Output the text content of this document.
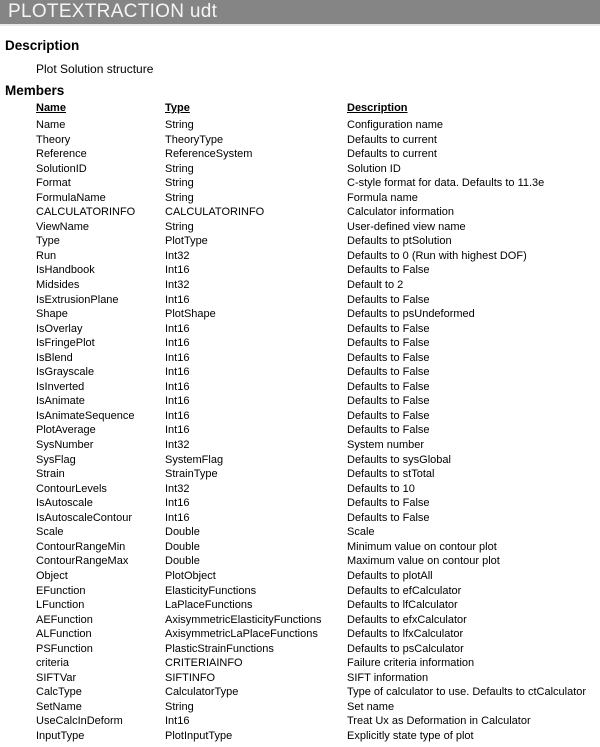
PLOTEXTRACTION udt
Description
Plot Solution structure
Members
Name	Type	Description
Name	String	Configuration name
Theory	TheoryType	Defaults to current
Reference	ReferenceSystem	Defaults to current
SolutionID	String	Solution ID
Format	String	C-style format for data. Defaults to 11.3e
FormulaName	String	Formula name
CALCULATORINFO	CALCULATORINFO	Calculator information
ViewName	String	User-defined view name
Type	PlotType	Defaults to ptSolution
Run	Int32	Defaults to 0 (Run with highest DOF)
IsHandbook	Int16	Defaults to False
Midsides	Int32	Default to 2
IsExtrusionPlane	Int16	Defaults to False
Shape	PlotShape	Defaults to psUndeformed
IsOverlay	Int16	Defaults to False
IsFringePlot	Int16	Defaults to False
IsBlend	Int16	Defaults to False
IsGrayscale	Int16	Defaults to False
IsInverted	Int16	Defaults to False
IsAnimate	Int16	Defaults to False
IsAnimateSequence	Int16	Defaults to False
PlotAverage	Int16	Defaults to False
SysNumber	Int32	System number
SysFlag	SystemFlag	Defaults to sysGlobal
Strain	StrainType	Defaults to stTotal
ContourLevels	Int32	Defaults to 10
IsAutoscale	Int16	Defaults to False
IsAutoscaleContour	Int16	Defaults to False
Scale	Double	Scale
ContourRangeMin	Double	Minimum value on contour plot
ContourRangeMax	Double	Maximum value on contour plot
Object	PlotObject	Defaults to plotAll
EFunction	ElasticityFunctions	Defaults to efCalculator
LFunction	LaPlaceFunctions	Defaults to lfCalculator
AEFunction	AxisymmetricElasticityFunctions	Defaults to efxCalculator
ALFunction	AxisymmetricLaPlaceFunctions	Defaults to lfxCalculator
PSFunction	PlasticStrainFunctions	Defaults to psCalculator
criteria	CRITERIAINFO	Failure criteria information
SIFTVar	SIFTINFO	SIFT information
CalcType	CalculatorType	Type of calculator to use. Defaults to ctCalculator
SetName	String	Set name
UseCalcInDeform	Int16	Treat Ux as Deformation in Calculator
InputType	PlotInputType	Explicitly state type of plot
